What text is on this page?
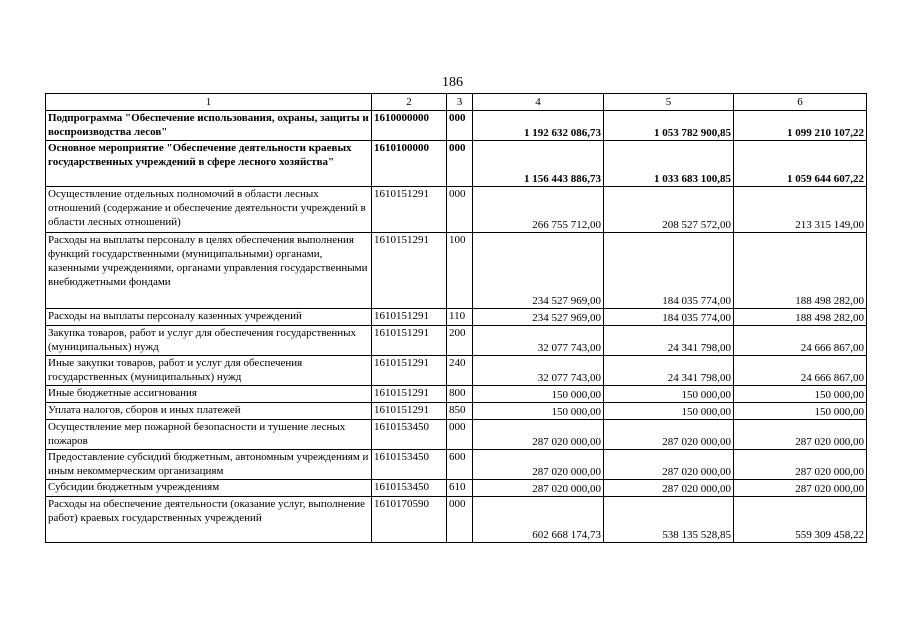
186
1	2	3	4	5	6
Подпрограмма "Обеспечение использования, охраны, защиты и воспроизводства лесов"	1610000000	000	1 192 632 086,73	1 053 782 900,85	1 099 210 107,22
Основное мероприятие "Обеспечение деятельности краевых государственных учреждений в сфере лесного хозяйства"	1610100000	000	1 156 443 886,73	1 033 683 100,85	1 059 644 607,22
Осуществление отдельных полномочий в области лесных отношений (содержание и обеспечение деятельности учреждений в области лесных отношений)	1610151291	000	266 755 712,00	208 527 572,00	213 315 149,00
Расходы на выплаты персоналу в целях обеспечения выполнения функций государственными (муниципальными) органами, казенными учреждениями, органами управления государственными внебюджетными фондами	1610151291	100	234 527 969,00	184 035 774,00	188 498 282,00
Расходы на выплаты персоналу казенных учреждений	1610151291	110	234 527 969,00	184 035 774,00	188 498 282,00
Закупка товаров, работ и услуг для обеспечения государственных (муниципальных) нужд	1610151291	200	32 077 743,00	24 341 798,00	24 666 867,00
Иные закупки товаров, работ и услуг для обеспечения государственных (муниципальных) нужд	1610151291	240	32 077 743,00	24 341 798,00	24 666 867,00
Иные бюджетные ассигнования	1610151291	800	150 000,00	150 000,00	150 000,00
Уплата налогов, сборов и иных платежей	1610151291	850	150 000,00	150 000,00	150 000,00
Осуществление мер пожарной безопасности и тушение лесных пожаров	1610153450	000	287 020 000,00	287 020 000,00	287 020 000,00
Предоставление субсидий бюджетным, автономным учреждениям и иным некоммерческим организациям	1610153450	600	287 020 000,00	287 020 000,00	287 020 000,00
Субсидии бюджетным учреждениям	1610153450	610	287 020 000,00	287 020 000,00	287 020 000,00
Расходы на обеспечение деятельности (оказание услуг, выполнение работ) краевых государственных учреждений	1610170590	000	602 668 174,73	538 135 528,85	559 309 458,22
